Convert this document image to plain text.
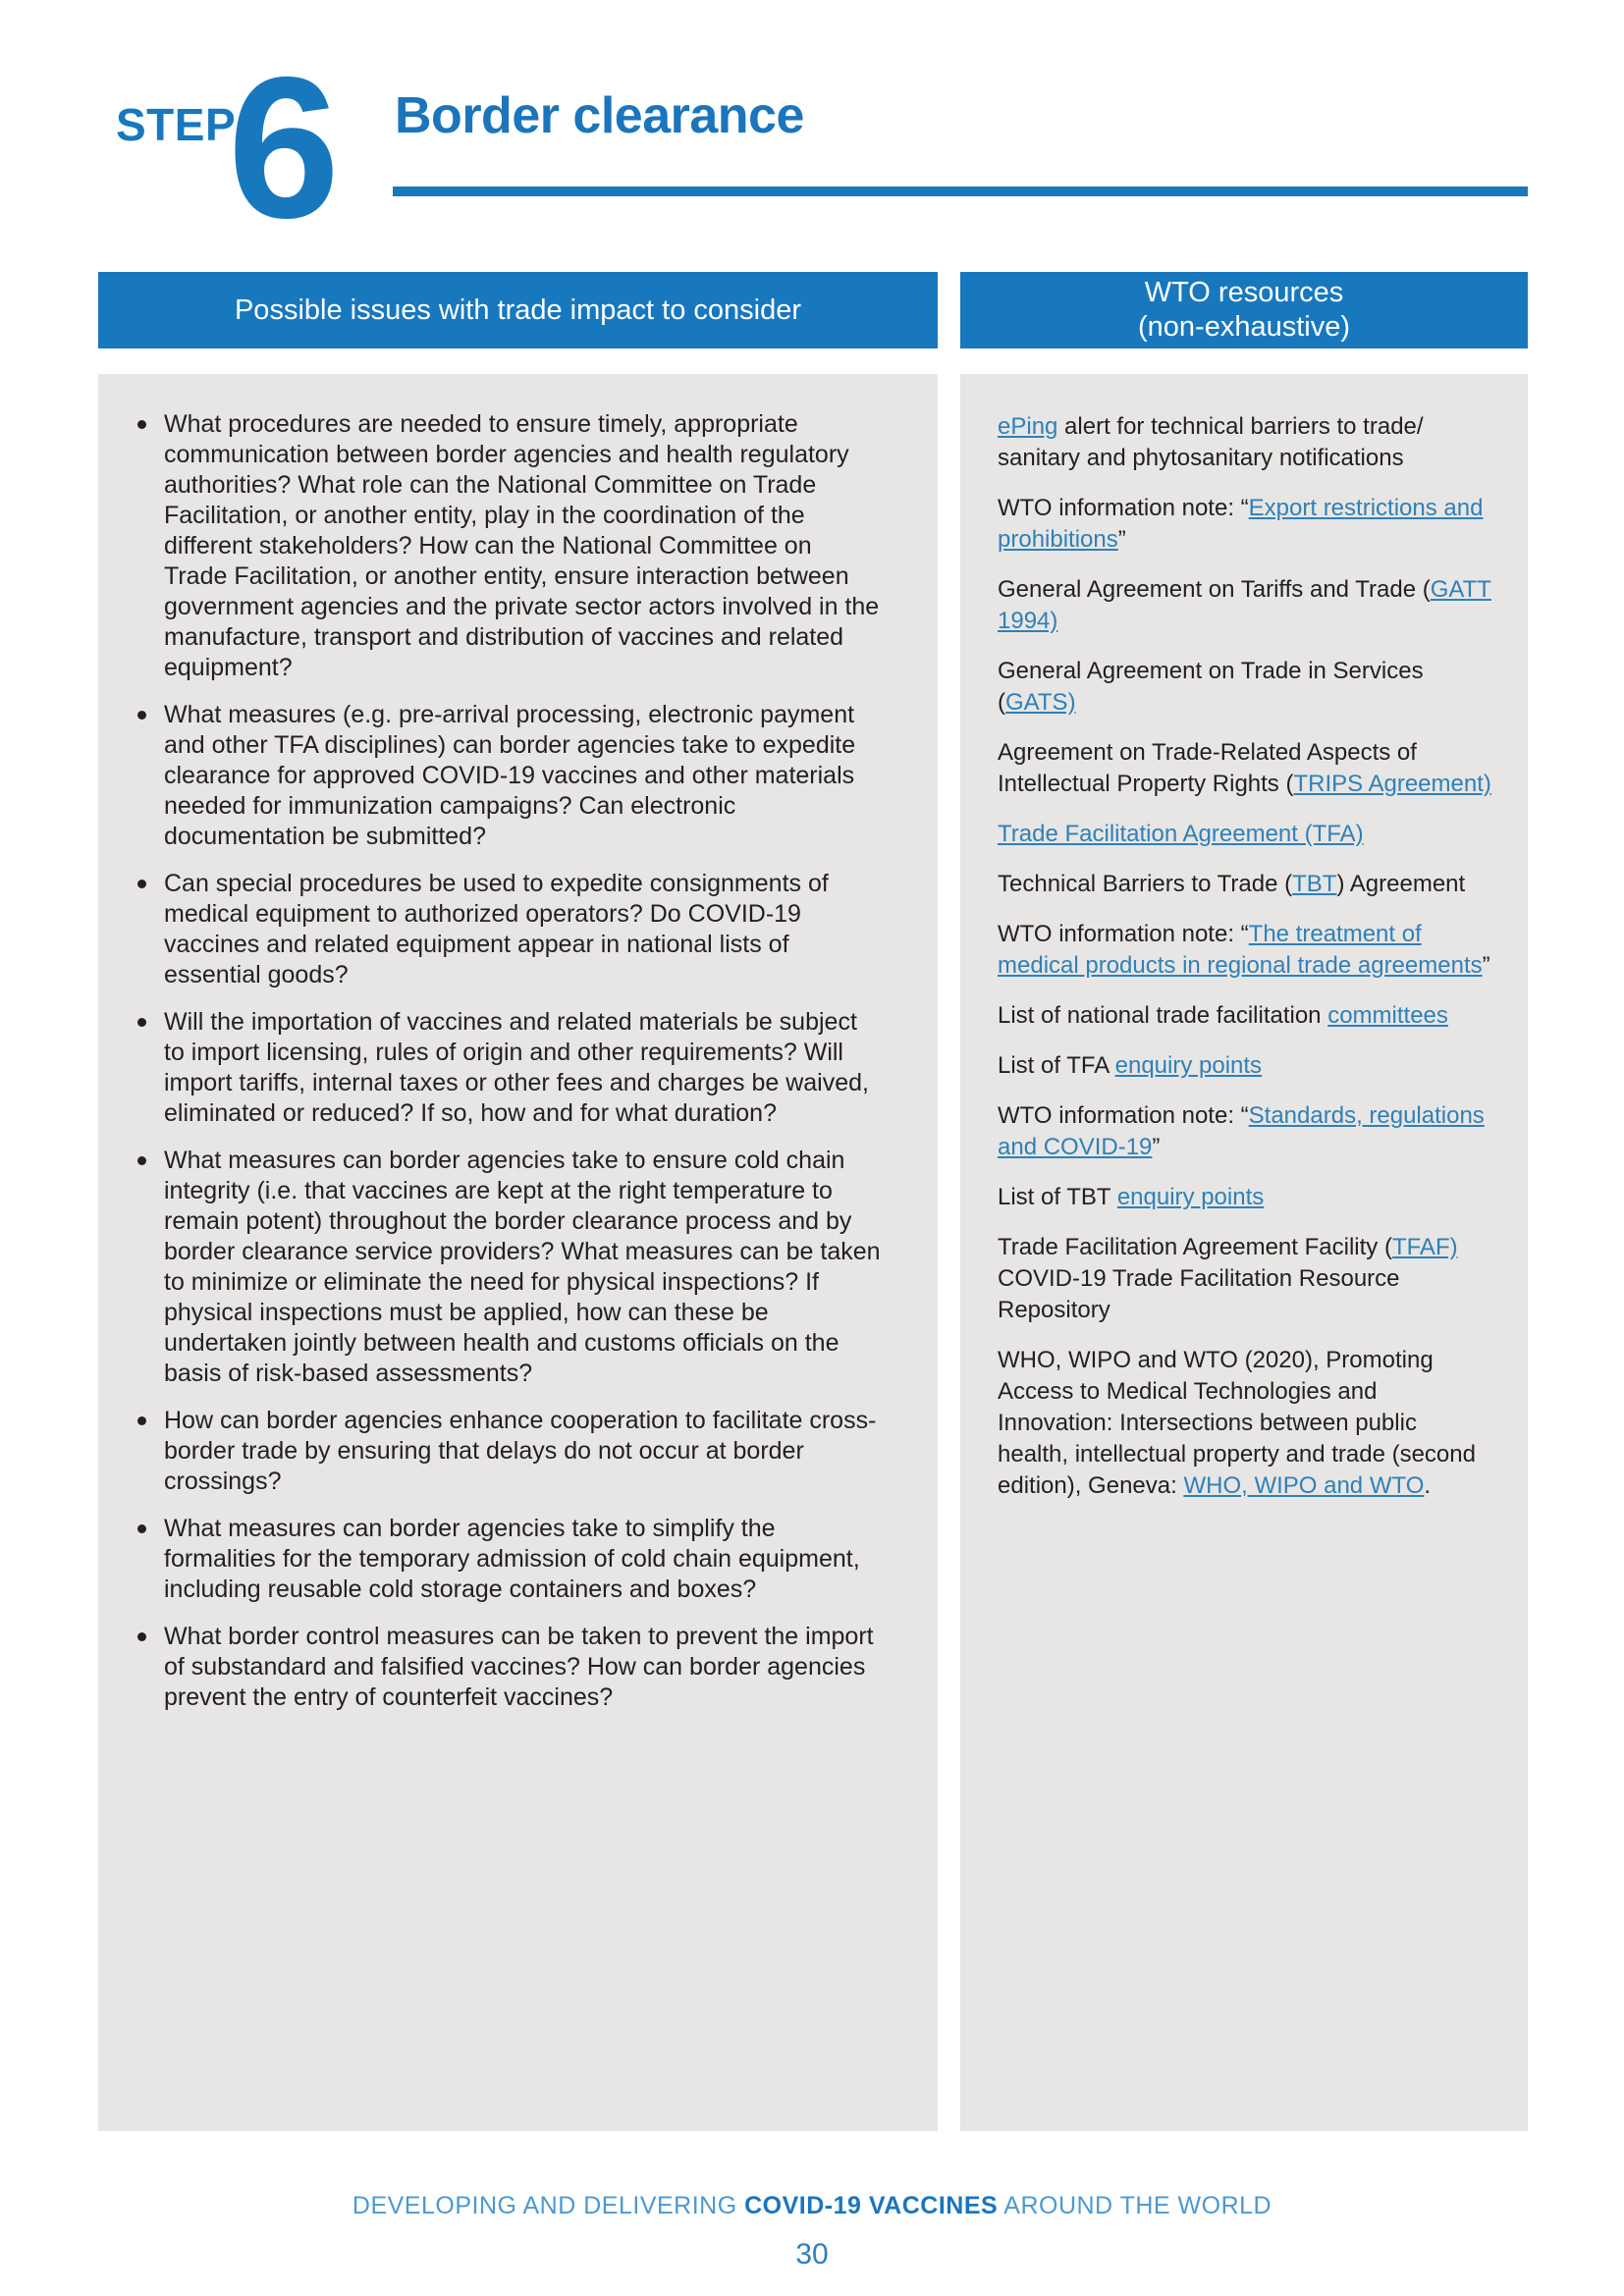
STEP
6 Border clearance
Possible issues with trade impact to consider
What procedures are needed to ensure timely, appropriate communication between border agencies and health regulatory authorities? What role can the National Committee on Trade Facilitation, or another entity, play in the coordination of the different stakeholders? How can the National Committee on Trade Facilitation, or another entity, ensure interaction between government agencies and the private sector actors involved in the manufacture, transport and distribution of vaccines and related equipment?
What measures (e.g. pre-arrival processing, electronic payment and other TFA disciplines) can border agencies take to expedite clearance for approved COVID-19 vaccines and other materials needed for immunization campaigns? Can electronic documentation be submitted?
Can special procedures be used to expedite consignments of medical equipment to authorized operators? Do COVID-19 vaccines and related equipment appear in national lists of essential goods?
Will the importation of vaccines and related materials be subject to import licensing, rules of origin and other requirements? Will import tariffs, internal taxes or other fees and charges be waived, eliminated or reduced? If so, how and for what duration?
What measures can border agencies take to ensure cold chain integrity (i.e. that vaccines are kept at the right temperature to remain potent) throughout the border clearance process and by border clearance service providers? What measures can be taken to minimize or eliminate the need for physical inspections? If physical inspections must be applied, how can these be undertaken jointly between health and customs officials on the basis of risk-based assessments?
How can border agencies enhance cooperation to facilitate cross-border trade by ensuring that delays do not occur at border crossings?
What measures can border agencies take to simplify the formalities for the temporary admission of cold chain equipment, including reusable cold storage containers and boxes?
What border control measures can be taken to prevent the import of substandard and falsified vaccines? How can border agencies prevent the entry of counterfeit vaccines?
WTO resources
(non-exhaustive)

ePing alert for technical barriers to trade/ sanitary and phytosanitary notifications

WTO information note: “Export restrictions and prohibitions”

General Agreement on Tariffs and Trade (GATT 1994)

General Agreement on Trade in Services (GATS)

Agreement on Trade-Related Aspects of Intellectual Property Rights (TRIPS Agreement)

Trade Facilitation Agreement (TFA)

Technical Barriers to Trade (TBT) Agreement

WTO information note: “The treatment of medical products in regional trade agreements”

List of national trade facilitation committees

List of TFA enquiry points

WTO information note: “Standards, regulations and COVID-19”

List of TBT enquiry points

Trade Facilitation Agreement Facility (TFAF) COVID-19 Trade Facilitation Resource Repository

WHO, WIPO and WTO (2020), Promoting Access to Medical Technologies and Innovation: Intersections between public health, intellectual property and trade (second edition), Geneva: WHO, WIPO and WTO.

DEVELOPING AND DELIVERING COVID-19 VACCINES AROUND THE WORLD
30
